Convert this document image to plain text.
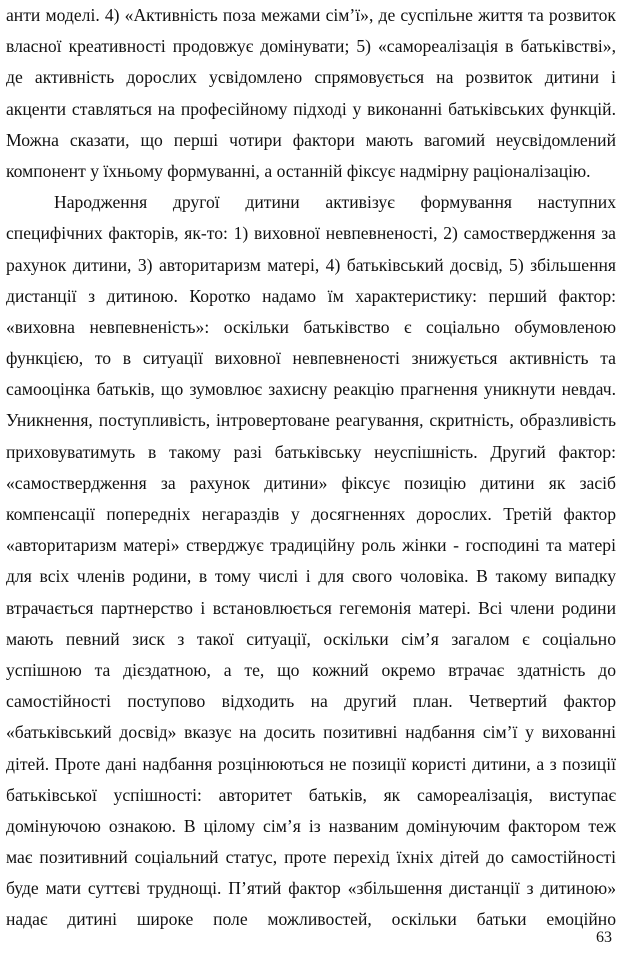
анти моделі. 4) «Активність поза межами сім’ї», де суспільне життя та розвиток
власної креативності продовжує домінувати; 5) «самореалізація в батьківстві»,
де активність дорослих усвідомлено спрямовується на розвиток дитини і
акценти ставляться на професійному підході у виконанні батьківських функцій.
Можна сказати, що перші чотири фактори мають вагомий неусвідомлений
компонент у їхньому формуванні, а останній фіксує надмірну раціоналізацію.
Народження другої дитини активізує формування наступних
специфічних факторів, як-то: 1) виховної невпевненості, 2) самоствердження за
рахунок дитини, 3) авторитаризм матері, 4) батьківський досвід, 5) збільшення
дистанції з дитиною. Коротко надамо їм характеристику: перший фактор:
«виховна невпевненість»: оскільки батьківство є соціально обумовленою
функцією, то в ситуації виховної невпевненості знижується активність та
самооцінка батьків, що зумовлює захисну реакцію прагнення уникнути невдач.
Уникнення, поступливість, інтровертоване реагування, скритність, образливість
приховуватимуть в такому разі батьківську неуспішність. Другий фактор:
«самоствердження за рахунок дитини» фіксує позицію дитини як засіб
компенсації попередніх негараздів у досягненнях дорослих. Третій фактор
«авторитаризм матері» стверджує традиційну роль жінки - господині та матері
для всіх членів родини, в тому числі і для свого чоловіка. В такому випадку
втрачається партнерство і встановлюється гегемонія матері. Всі члени родини
мають певний зиск з такої ситуації, оскільки сім’я загалом є соціально
успішною та дієздатною, а те, що кожний окремо втрачає здатність до
самостійності поступово відходить на другий план. Четвертий фактор
«батьківський досвід» вказує на досить позитивні надбання сім’ї у вихованні
дітей. Проте дані надбання розцінюються не позиції користі дитини, а з позиції
батьківської успішності: авторитет батьків, як самореалізація, виступає
домінуючою ознакою. В цілому сім’я із названим домінуючим фактором теж
має позитивний соціальний статус, проте перехід їхніх дітей до самостійності
буде мати суттєві труднощі. П’ятий фактор «збільшення дистанції з дитиною»
надає дитині широке поле можливостей, оскільки батьки емоційно
63
